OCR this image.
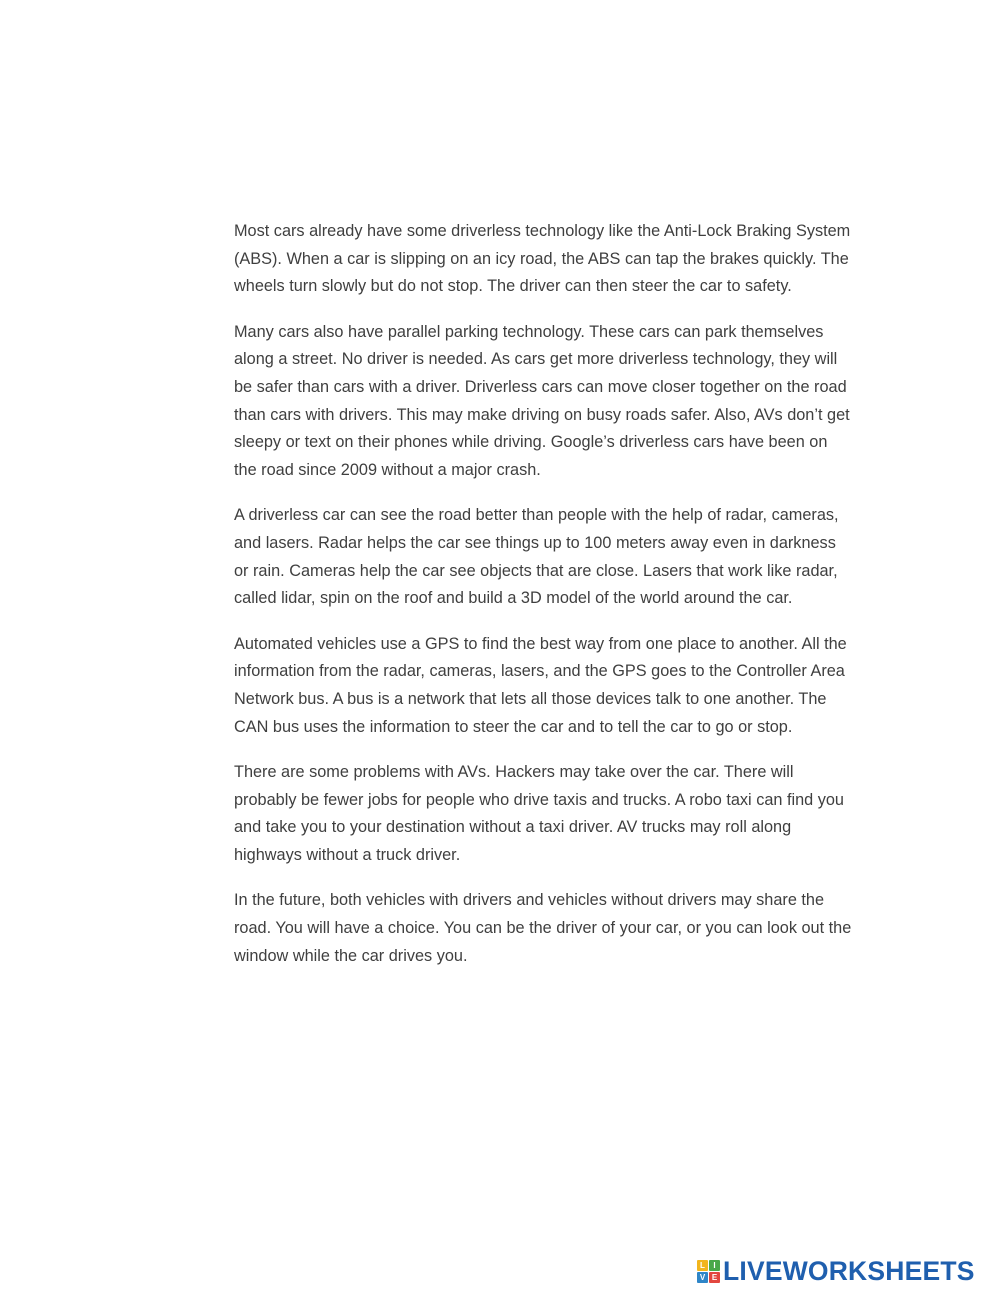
Most cars already have some driverless technology like the Anti-Lock Braking System (ABS). When a car is slipping on an icy road, the ABS can tap the brakes quickly. The wheels turn slowly but do not stop. The driver can then steer the car to safety.

Many cars also have parallel parking technology. These cars can park themselves along a street. No driver is needed. As cars get more driverless technology, they will be safer than cars with a driver. Driverless cars can move closer together on the road than cars with drivers. This may make driving on busy roads safer. Also, AVs don’t get sleepy or text on their phones while driving. Google’s driverless cars have been on the road since 2009 without a major crash.

A driverless car can see the road better than people with the help of radar, cameras, and lasers. Radar helps the car see things up to 100 meters away even in darkness or rain. Cameras help the car see objects that are close. Lasers that work like radar, called lidar, spin on the roof and build a 3D model of the world around the car.

Automated vehicles use a GPS to find the best way from one place to another. All the information from the radar, cameras, lasers, and the GPS goes to the Controller Area Network bus. A bus is a network that lets all those devices talk to one another. The CAN bus uses the information to steer the car and to tell the car to go or stop.

There are some problems with AVs. Hackers may take over the car. There will probably be fewer jobs for people who drive taxis and trucks. A robo taxi can find you and take you to your destination without a taxi driver. AV trucks may roll along highways without a truck driver.

In the future, both vehicles with drivers and vehicles without drivers may share the road. You will have a choice. You can be the driver of your car, or you can look out the window while the car drives you.

L	I
V E LIVEWORKSHEETS
